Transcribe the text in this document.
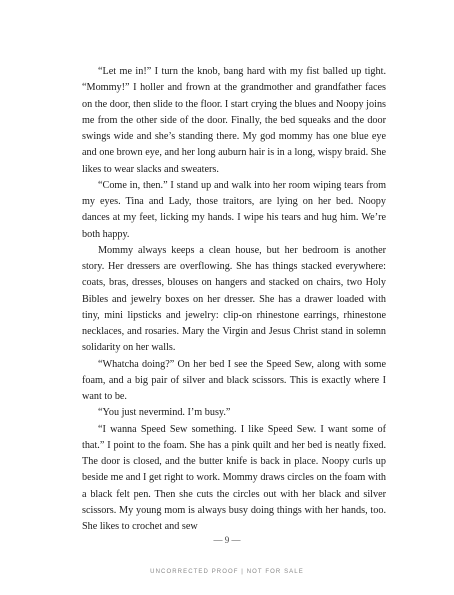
“Let me in!” I turn the knob, bang hard with my fist balled up tight. “Mommy!” I holler and frown at the grandmother and grandfather faces on the door, then slide to the floor. I start crying the blues and Noopy joins me from the other side of the door. Finally, the bed squeaks and the door swings wide and she’s standing there. My god mommy has one blue eye and one brown eye, and her long auburn hair is in a long, wispy braid. She likes to wear slacks and sweaters.

“Come in, then.” I stand up and walk into her room wiping tears from my eyes. Tina and Lady, those traitors, are lying on her bed. Noopy dances at my feet, licking my hands. I wipe his tears and hug him. We’re both happy.

Mommy always keeps a clean house, but her bedroom is another story. Her dressers are overflowing. She has things stacked everywhere: coats, bras, dresses, blouses on hangers and stacked on chairs, two Holy Bibles and jewelry boxes on her dresser. She has a drawer loaded with tiny, mini lipsticks and jewelry: clip-on rhinestone earrings, rhinestone necklaces, and rosaries. Mary the Virgin and Jesus Christ stand in solemn solidarity on her walls.

“Whatcha doing?” On her bed I see the Speed Sew, along with some foam, and a big pair of silver and black scissors. This is exactly where I want to be.

“You just nevermind. I’m busy.”

“I wanna Speed Sew something. I like Speed Sew. I want some of that.” I point to the foam. She has a pink quilt and her bed is neatly fixed. The door is closed, and the butter knife is back in place. Noopy curls up beside me and I get right to work. Mommy draws circles on the foam with a black felt pen. Then she cuts the circles out with her black and silver scissors. My young mom is always busy doing things with her hands, too. She likes to crochet and sew

— 9 —
UNCORRECTED PROOF | NOT FOR SALE
